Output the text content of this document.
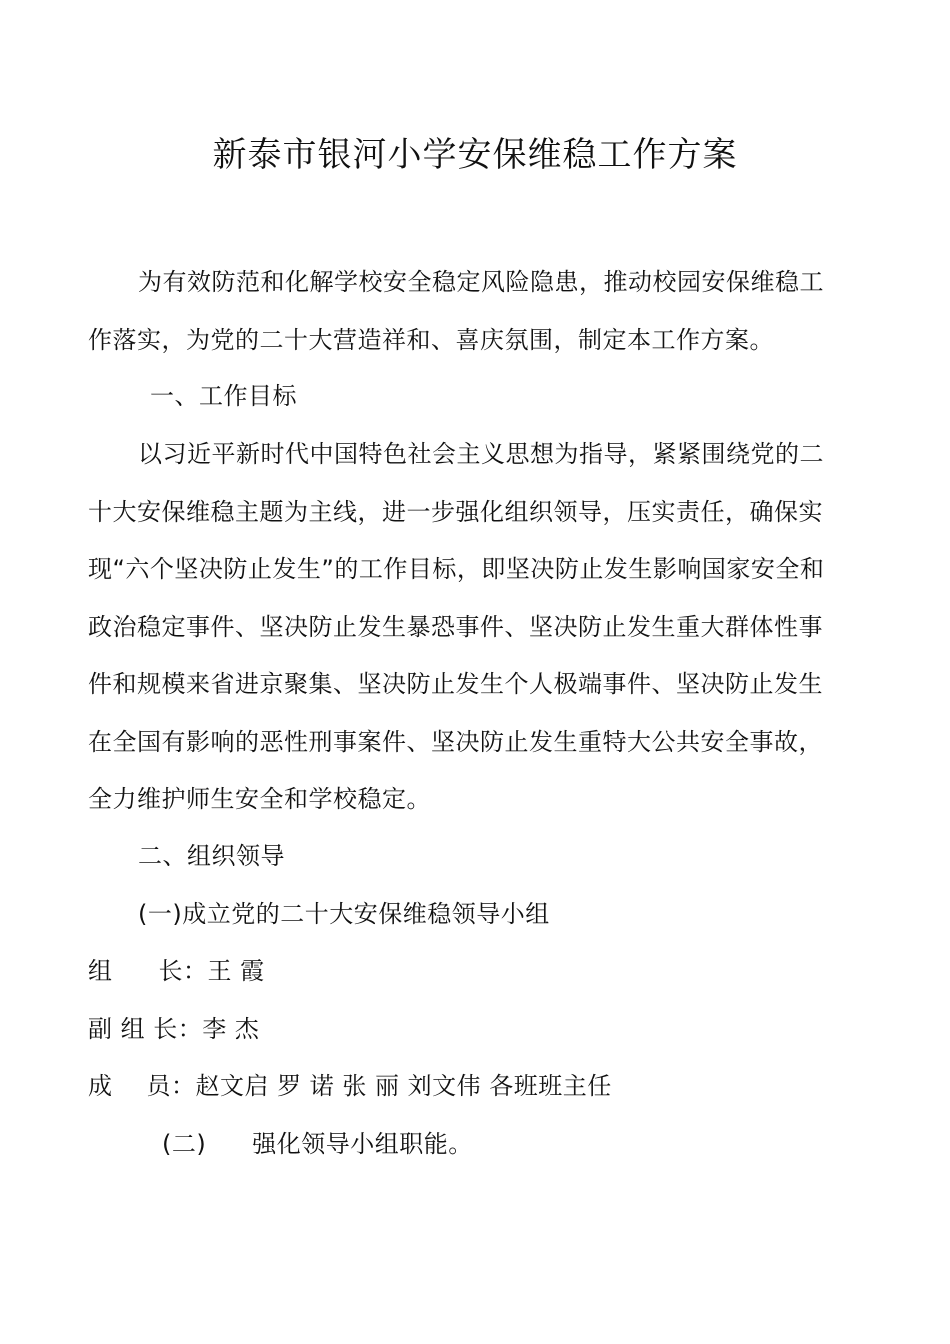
新泰市银河小学安保维稳工作方案
为有效防范和化解学校安全稳定风险隐患，推动校园安保维稳工
作落实，为党的二十大营造祥和、喜庆氛围，制定本工作方案。
一、工作目标
以习近平新时代中国特色社会主义思想为指导，紧紧围绕党的二
十大安保维稳主题为主线，进一步强化组织领导，压实责任，确保实
现“六个坚决防止发生”的工作目标，即坚决防止发生影响国家安全和
政治稳定事件、坚决防止发生暴恐事件、坚决防止发生重大群体性事
件和规模来省进京聚集、坚决防止发生个人极端事件、坚决防止发生
在全国有影响的恶性刑事案件、坚决防止发生重特大公共安全事故，
全力维护师生安全和学校稳定。
二、组织领导
(一)成立党的二十大安保维稳领导小组
组 长：王 霞
副 组 长：李 杰
成 员：赵文启 罗 诺 张 丽 刘文伟 各班班主任
(二) 强化领导小组职能。
